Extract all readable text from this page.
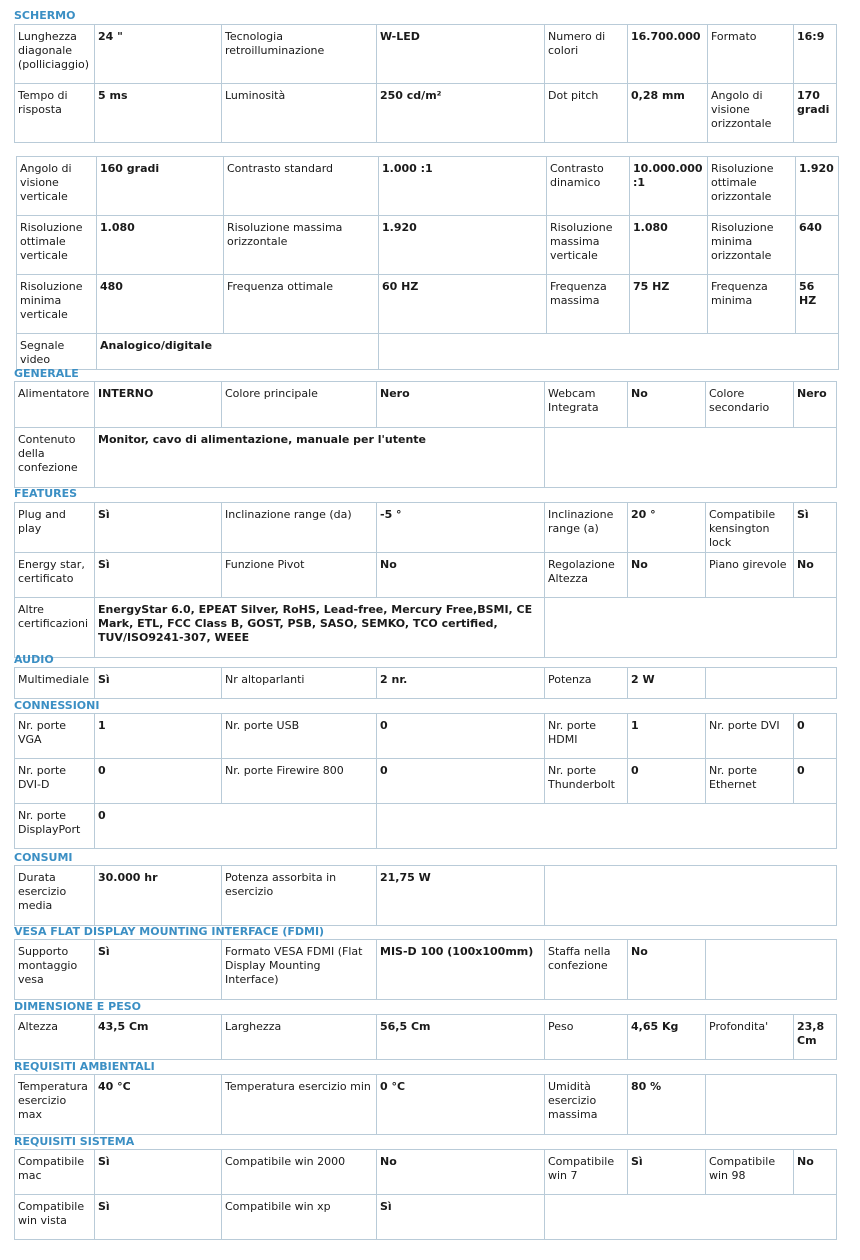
SCHERMO
Lunghezza diagonale (polliciaggio)	24 "	Tecnologia retroilluminazione	W-LED	Numero di colori	16.700.000	Formato	16:9
Tempo di risposta	5 ms	Luminosità	250 cd/m²	Dot pitch	0,28 mm	Angolo di visione orizzontale	170 gradi
Angolo di visione verticale	160 gradi	Contrasto standard	1.000 :1	Contrasto dinamico	10.000.000 :1	Risoluzione ottimale orizzontale	1.920
Risoluzione ottimale verticale	1.080	Risoluzione massima orizzontale	1.920	Risoluzione massima verticale	1.080	Risoluzione minima orizzontale	640
Risoluzione minima verticale	480	Frequenza ottimale	60 HZ	Frequenza massima	75 HZ	Frequenza minima	56 HZ
Segnale video	Analogico/digitale						
GENERALE
Alimentatore	INTERNO	Colore principale	Nero	Webcam Integrata	No	Colore secondario	Nero
Contenuto della confezione	Monitor, cavo di alimentazione, manuale per l'utente						
FEATURES
Plug and play	Sì	Inclinazione range (da)	-5 °	Inclinazione range (a)	20 °	Compatibile kensington lock	Sì
Energy star, certificato	Sì	Funzione Pivot	No	Regolazione Altezza	No	Piano girevole	No
Altre certificazioni	EnergyStar 6.0, EPEAT Silver, RoHS, Lead-free, Mercury Free,BSMI, CE Mark, ETL, FCC Class B, GOST, PSB, SASO, SEMKO, TCO certified, TUV/ISO9241-307, WEEE						
AUDIO
Multimediale	Sì	Nr altoparlanti	2 nr.	Potenza	2 W	
CONNESSIONI
Nr. porte VGA	1	Nr. porte USB	0	Nr. porte HDMI	1	Nr. porte DVI	0
Nr. porte DVI-D	0	Nr. porte Firewire 800	0	Nr. porte Thunderbolt	0	Nr. porte Ethernet	0
Nr. porte DisplayPort	0						
CONSUMI
Durata esercizio media	30.000 hr	Potenza assorbita in esercizio	21,75 W	
VESA FLAT DISPLAY MOUNTING INTERFACE (FDMI)
Supporto montaggio vesa	Sì	Formato VESA FDMI (Flat Display Mounting Interface)	MIS-D 100 (100x100mm)	Staffa nella confezione	No	
DIMENSIONE E PESO
Altezza	43,5 Cm	Larghezza	56,5 Cm	Peso	4,65 Kg	Profondita'	23,8 Cm
REQUISITI AMBIENTALI
Temperatura esercizio max	40 °C	Temperatura esercizio min	0 °C	Umidità esercizio massima	80 %	
REQUISITI SISTEMA
Compatibile mac	Sì	Compatibile win 2000	No	Compatibile win 7	Sì	Compatibile win 98	No
Compatibile win vista	Sì	Compatibile win xp	Sì				
